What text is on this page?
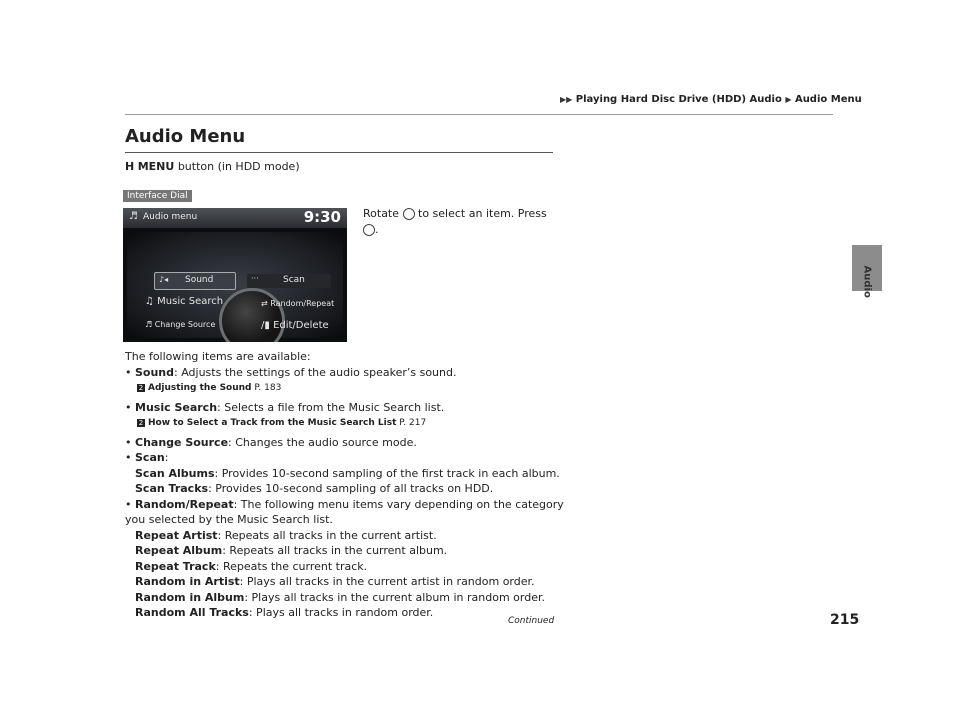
▶▶ Playing Hard Disc Drive (HDD) Audio ▶ Audio Menu
Audio
Audio Menu
H MENU button (in HDD mode)
Interface Dial
♬ Audio menu	9:30
♪◂ Sound	···	Scan
♫ Music Search	⇄ Random/Repeat
♬ Change Source	/▮ Edit/Delete
Rotate to select an item. Press
.

The following items are available:

• Sound: Adjusts the settings of the audio speaker’s sound.

2 Adjusting the Sound P. 183

• Music Search: Selects a file from the Music Search list.

2 How to Select a Track from the Music Search List P. 217

• Change Source: Changes the audio source mode.

• Scan:

Scan Albums: Provides 10-second sampling of the first track in each album.

Scan Tracks: Provides 10-second sampling of all tracks on HDD.

• Random/Repeat: The following menu items vary depending on the category you selected by the Music Search list.

Repeat Artist: Repeats all tracks in the current artist.

Repeat Album: Repeats all tracks in the current album.

Repeat Track: Repeats the current track.

Random in Artist: Plays all tracks in the current artist in random order.

Random in Album: Plays all tracks in the current album in random order.

Random All Tracks: Plays all tracks in random order.

Continued	215
